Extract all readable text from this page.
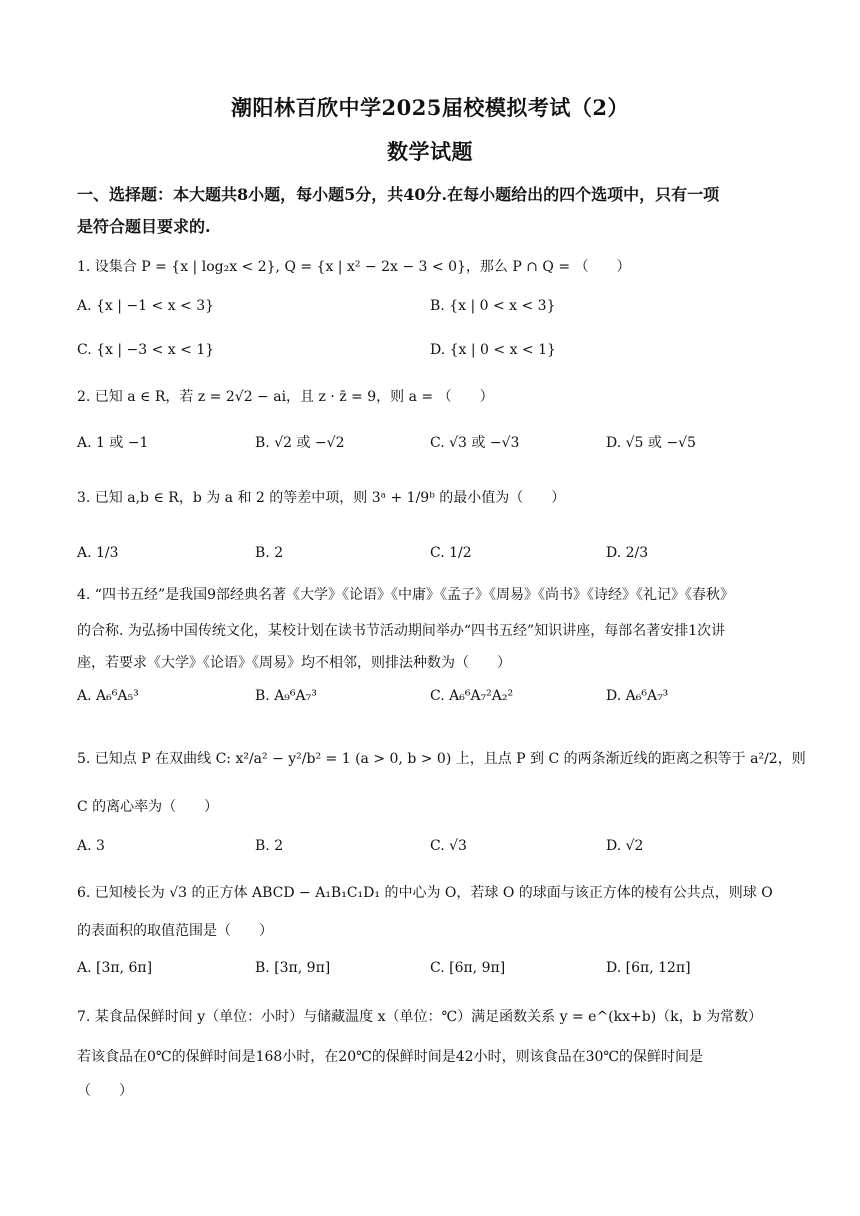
潮阳林百欣中学2025届校模拟考试（2）
数学试题
一、选择题：本大题共8小题，每小题5分，共40分.在每小题给出的四个选项中，只有一项
是符合题目要求的.
1. 设集合 P = {x | log₂x < 2}, Q = {x | x² − 2x − 3 < 0}，那么 P ∩ Q = （　　）
A. {x | −1 < x < 3}	B. {x | 0 < x < 3}
C. {x | −3 < x < 1}	D. {x | 0 < x < 1}
2. 已知 a ∈ R，若 z = 2√2 − ai，且 z · z̄ = 9，则 a = （　　）
A. 1 或 −1	B. √2 或 −√2	C. √3 或 −√3	D. √5 或 −√5
3. 已知 a,b ∈ R，b 为 a 和 2 的等差中项，则 3ᵃ + 1/9ᵇ 的最小值为（　　）
A. 1/3	B. 2	C. 1/2	D. 2/3
4. “四书五经”是我国9部经典名著《大学》《论语》《中庸》《孟子》《周易》《尚书》《诗经》《礼记》《春秋》
的合称. 为弘扬中国传统文化，某校计划在读书节活动期间举办“四书五经”知识讲座，每部名著安排1次讲
座，若要求《大学》《论语》《周易》均不相邻，则排法种数为（　　）
A. A₆⁶A₅³	B. A₉⁶A₇³	C. A₆⁶A₇²A₂²	D. A₆⁶A₇³
5. 已知点 P 在双曲线 C: x²/a² − y²/b² = 1 (a > 0, b > 0) 上，且点 P 到 C 的两条渐近线的距离之积等于 a²/2，则
C 的离心率为（　　）
A. 3	B. 2	C. √3	D. √2
6. 已知棱长为 √3 的正方体 ABCD − A₁B₁C₁D₁ 的中心为 O，若球 O 的球面与该正方体的棱有公共点，则球 O
的表面积的取值范围是（　　）
A. [3π, 6π]	B. [3π, 9π]	C. [6π, 9π]	D. [6π, 12π]
7. 某食品保鲜时间 y（单位：小时）与储藏温度 x（单位：℃）满足函数关系 y = e^(kx+b)（k，b 为常数）
若该食品在0℃的保鲜时间是168小时，在20℃的保鲜时间是42小时，则该食品在30℃的保鲜时间是
（　　）
